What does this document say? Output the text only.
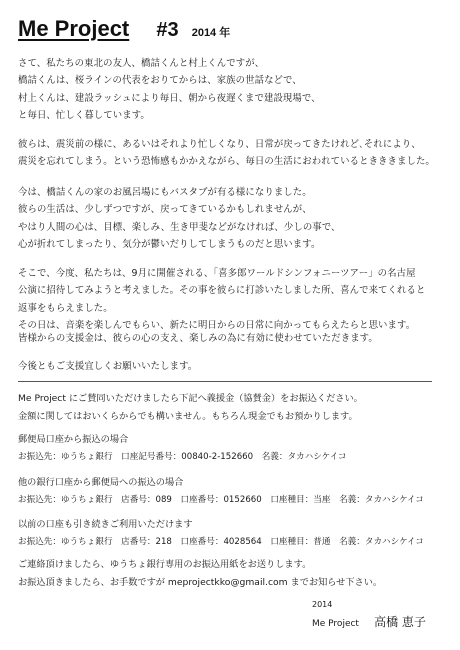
Me Project #3 2014 年
さて、私たちの東北の友人、橋詰くんと村上くんですが、
橋詰くんは、桜ラインの代表をおりてからは、家族の世話などで、
村上くんは、建設ラッシュにより毎日、朝から夜遅くまで建設現場で、
と毎日、忙しく暮しています。
彼らは、震災前の様に、あるいはそれより忙しくなり、日常が戻ってきたけれど､それにより、
震災を忘れてしまう。という恐怖感もかかえながら、毎日の生活におわれているときききました。
今は、橋詰くんの家のお風呂場にもバスタブが有る様になりました。
彼らの生活は、少しずつですが、戻ってきているかもしれませんが、
やはり人間の心は、目標、楽しみ、生き甲斐などがなければ、少しの事で、
心が折れてしまったり、気分が鬱いだりしてしまうものだと思います。
そこで、今度、私たちは、9月に開催される、「喜多郎ワールドシンフォニーツアー」の名古屋
公演に招待してみようと考えました。その事を彼らに打診いたしました所、喜んで来てくれると
返事をもらえました。
その日は、音楽を楽しんでもらい、新たに明日からの日常に向かってもらえたらと思います。
皆様からの支援金は、彼らの心の支え、楽しみの為に有効に使わせていただきます。
今後ともご支援宜しくお願いいたします。
Me Project にご賛同いただけましたら下記へ義援金（協賛金）をお振込ください。
金額に関してはおいくらからでも構いません。もちろん現金でもお預かりします。
郵便局口座から振込の場合
お振込先：ゆうちょ銀行　口座記号番号：00840-2-152660　名義：タカハシケイコ
他の銀行口座から郵便局への振込の場合
お振込先：ゆうちょ銀行　店番号：089　口座番号：0152660　口座種目：当座　名義：タカハシケイコ
以前の口座も引き続きご利用いただけます
お振込先：ゆうちょ銀行　店番号：218　口座番号：4028564　口座種目：普通　名義：タカハシケイコ
ご連絡頂けましたら、ゆうちょ銀行専用のお振込用紙をお送りします。
お振込頂きましたら、お手数ですが meprojectkko@gmail.com までお知らせ下さい。
2014
Me Project 高橋 恵子
